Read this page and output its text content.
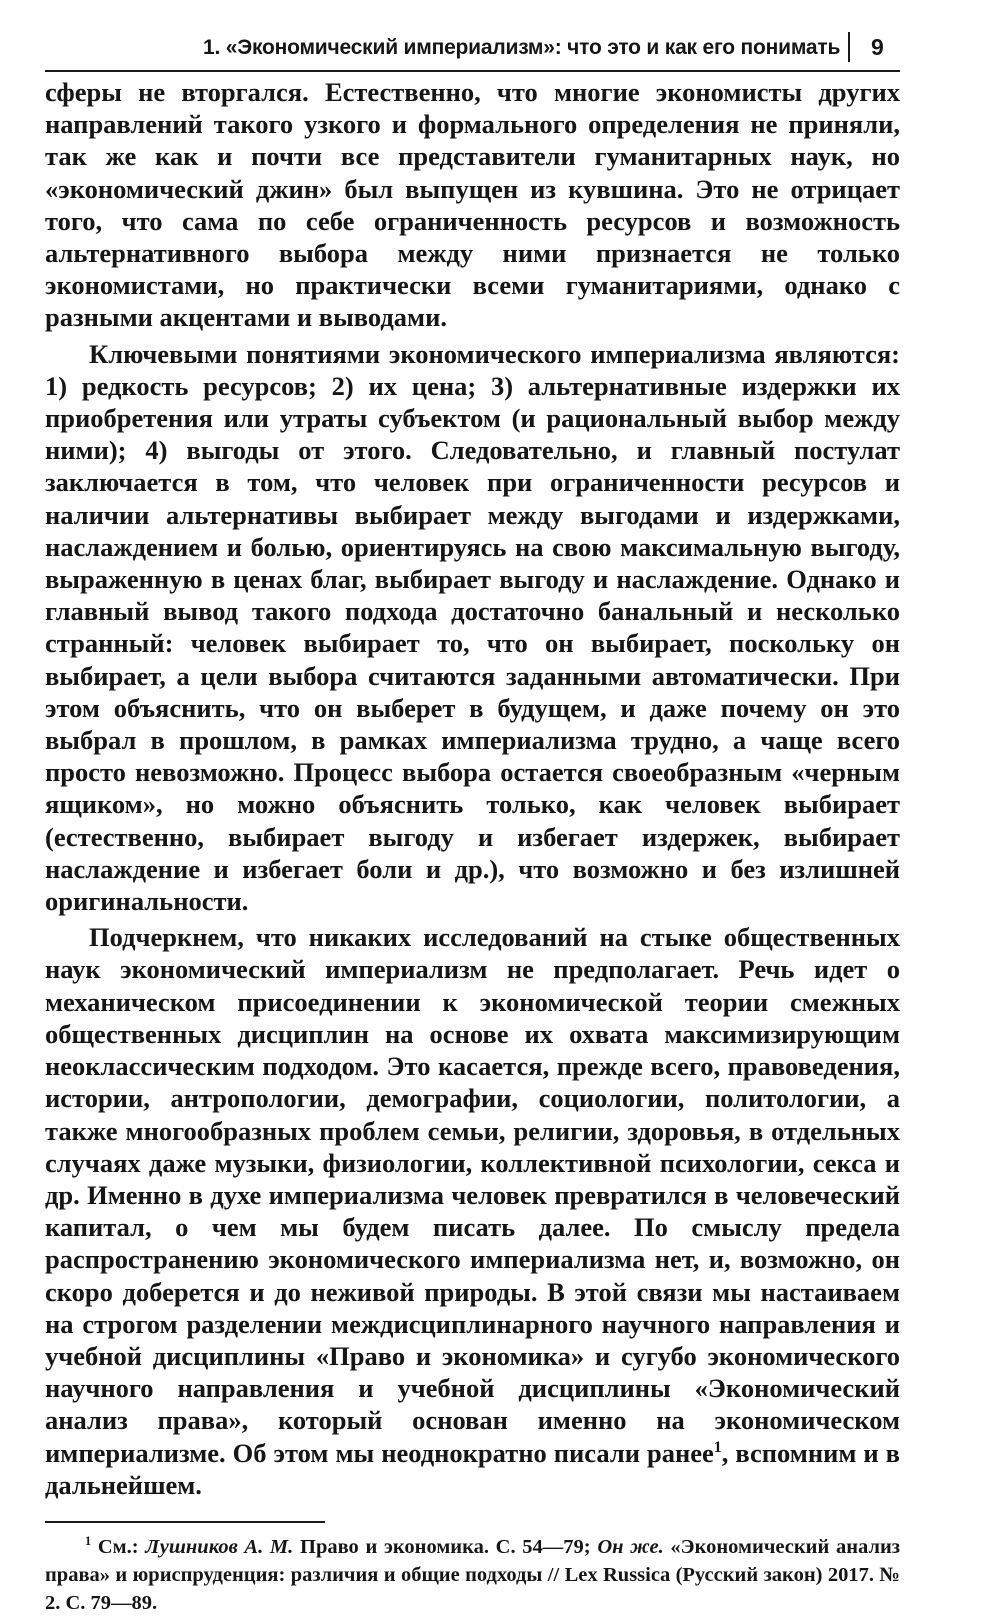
1. «Экономический империализм»: что это и как его понимать 9

сферы не вторгался. Естественно, что многие экономисты других направлений такого узкого и формального определения не приняли, так же как и почти все представители гуманитарных наук, но «экономический джин» был выпущен из кувшина. Это не отрицает того, что сама по себе ограниченность ресурсов и возможность альтернативного выбора между ними признается не только экономистами, но практически всеми гуманитариями, однако с разными акцентами и выводами.

Ключевыми понятиями экономического империализма являются: 1) редкость ресурсов; 2) их цена; 3) альтернативные издержки их приобретения или утраты субъектом (и рациональный выбор между ними); 4) выгоды от этого. Следовательно, и главный постулат заключается в том, что человек при ограниченности ресурсов и наличии альтернативы выбирает между выгодами и издержками, наслаждением и болью, ориентируясь на свою максимальную выгоду, выраженную в ценах благ, выбирает выгоду и наслаждение. Однако и главный вывод такого подхода достаточно банальный и несколько странный: человек выбирает то, что он выбирает, поскольку он выбирает, а цели выбора считаются заданными автоматически. При этом объяснить, что он выберет в будущем, и даже почему он это выбрал в прошлом, в рамках империализма трудно, а чаще всего просто невозможно. Процесс выбора остается своеобразным «черным ящиком», но можно объяснить только, как человек выбирает (естественно, выбирает выгоду и избегает издержек, выбирает наслаждение и избегает боли и др.), что возможно и без излишней оригинальности.

Подчеркнем, что никаких исследований на стыке общественных наук экономический империализм не предполагает. Речь идет о механическом присоединении к экономической теории смежных общественных дисциплин на основе их охвата максимизирующим неоклассическим подходом. Это касается, прежде всего, правоведения, истории, антропологии, демографии, социологии, политологии, а также многообразных проблем семьи, религии, здоровья, в отдельных случаях даже музыки, физиологии, коллективной психологии, секса и др. Именно в духе империализма человек превратился в человеческий капитал, о чем мы будем писать далее. По смыслу предела распространению экономического империализма нет, и, возможно, он скоро доберется и до неживой природы. В этой связи мы настаиваем на строгом разделении междисциплинарного научного направления и учебной дисциплины «Право и экономика» и сугубо экономического научного направления и учебной дисциплины «Экономический анализ права», который основан именно на экономическом империализме. Об этом мы неоднократно писали ранее$^1$, вспомним и в дальнейшем.

$^1$ См.: Лушников А. М. Право и экономика. С. 54—79; Он же. «Экономический анализ права» и юриспруденция: различия и общие подходы // Lex Russica (Русский закон) 2017. № 2. С. 79—89.
